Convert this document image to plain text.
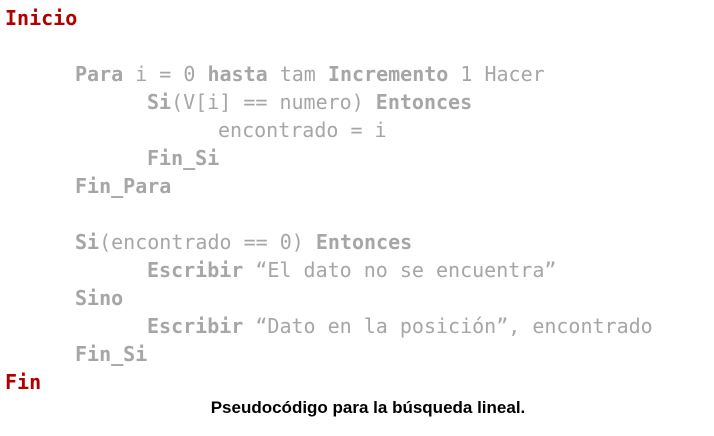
Inicio
Para i = 0 hasta tam Incremento 1 Hacer
Si(V[i] == numero) Entonces
encontrado = i
Fin_Si
Fin_Para
Si(encontrado == 0) Entonces
Escribir “El dato no se encuentra”
Sino
Escribir “Dato en la posición”, encontrado
Fin_Si
Fin
Pseudocódigo para la búsqueda lineal.
